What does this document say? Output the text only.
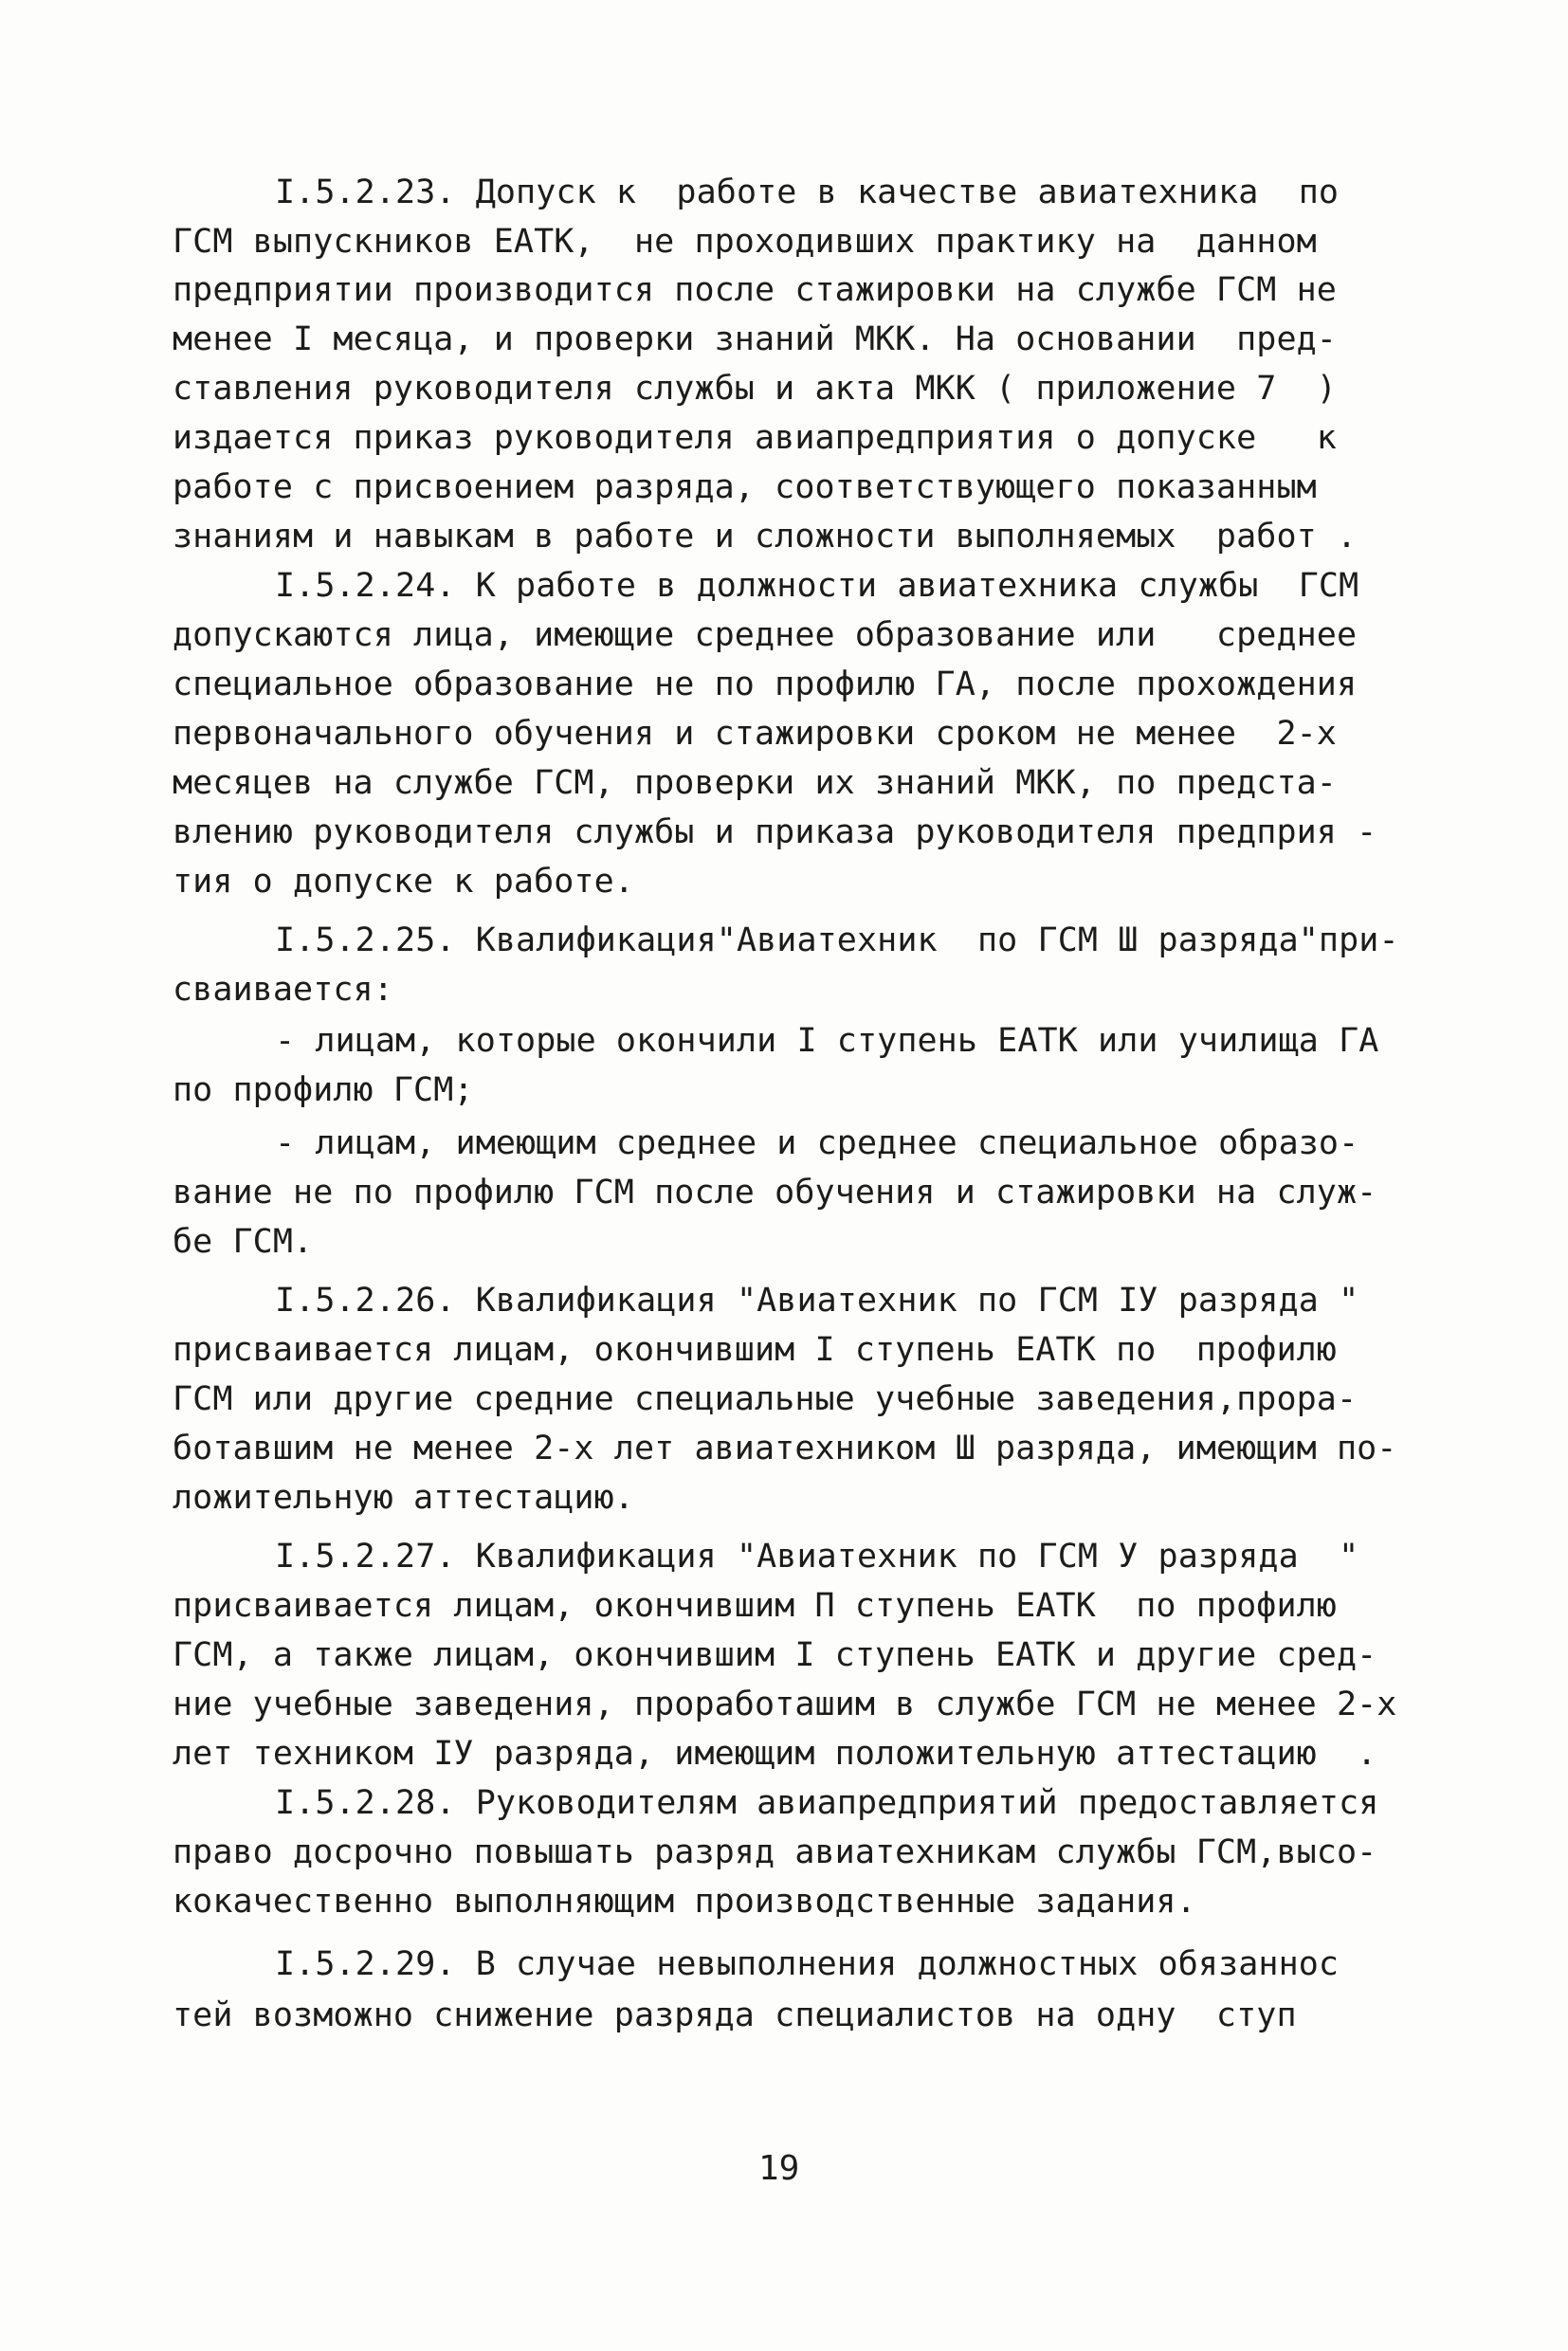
I.5.2.23. Допуск к  работе в качестве авиатехника  по
ГСМ выпускников ЕАТК,  не проходивших практику на  данном
предприятии производится после стажировки на службе ГСМ не
менее I месяца, и проверки знаний МКК. На основании  пред-
ставления руководителя службы и акта МКК ( приложение 7  )
издается приказ руководителя авиапредприятия о допуске   к
работе с присвоением разряда, соответствующего показанным
знаниям и навыкам в работе и сложности выполняемых  работ .
I.5.2.24. К работе в должности авиатехника службы  ГСМ
допускаются лица, имеющие среднее образование или   среднее
специальное образование не по профилю ГА, после прохождения
первоначального обучения и стажировки сроком не менее  2-х
месяцев на службе ГСМ, проверки их знаний МКК, по предста-
влению руководителя службы и приказа руководителя предприя -
тия о допуске к работе.
I.5.2.25. Квалификация"Авиатехник  по ГСМ Ш разряда"при-
сваивается:
- лицам, которые окончили I ступень ЕАТК или училища ГА
по профилю ГСМ;
- лицам, имеющим среднее и среднее специальное образо-
вание не по профилю ГСМ после обучения и стажировки на служ-
бе ГСМ.
I.5.2.26. Квалификация "Авиатехник по ГСМ IУ разряда "
присваивается лицам, окончившим I ступень ЕАТК по  профилю
ГСМ или другие средние специальные учебные заведения,прора-
ботавшим не менее 2-х лет авиатехником Ш разряда, имеющим по-
ложительную аттестацию.
I.5.2.27. Квалификация "Авиатехник по ГСМ У разряда  "
присваивается лицам, окончившим П ступень ЕАТК  по профилю
ГСМ, а также лицам, окончившим I ступень ЕАТК и другие сред-
ние учебные заведения, проработашим в службе ГСМ не менее 2-х
лет техником IУ разряда, имеющим положительную аттестацию  .
I.5.2.28. Руководителям авиапредприятий предоставляется
право досрочно повышать разряд авиатехникам службы ГСМ,высо-
кокачественно выполняющим производственные задания.
I.5.2.29. В случае невыполнения должностных обязаннос
тей возможно снижение разряда специалистов на одну  ступ
19
